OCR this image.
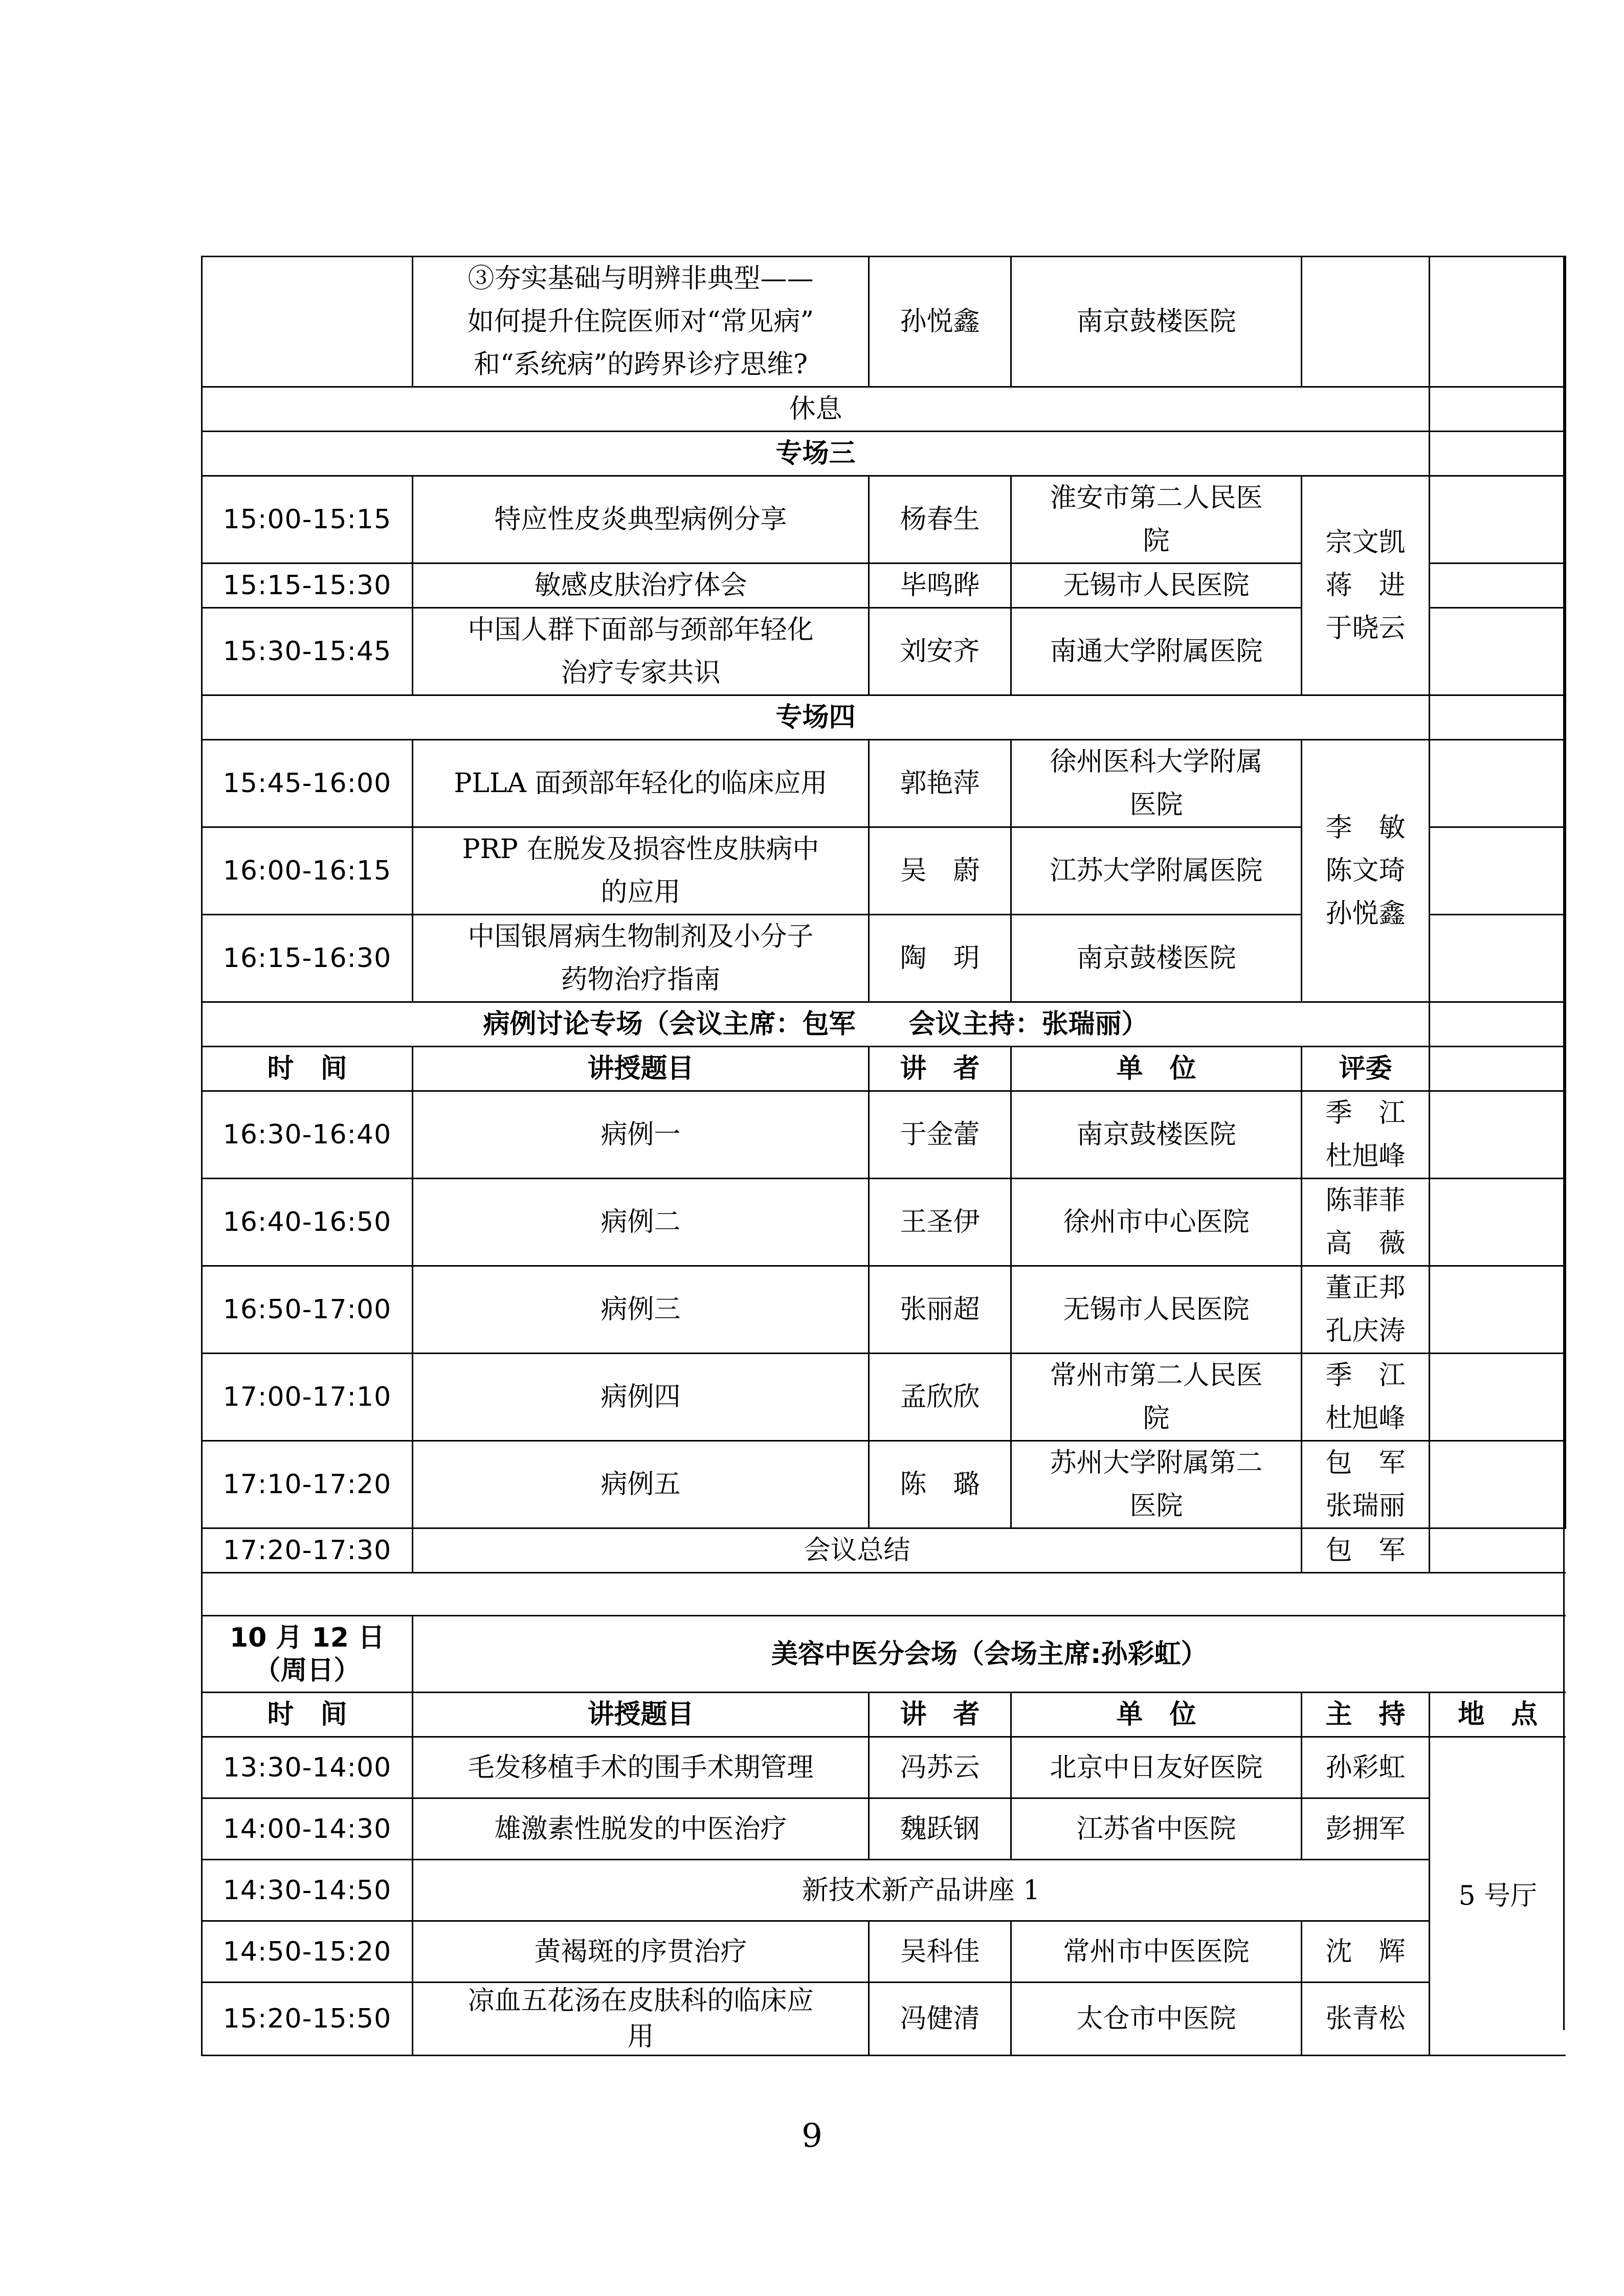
	③夯实基础与明辨非典型——
如何提升住院医师对“常见病”
和“系统病”的跨界诊疗思维?	孙悦鑫	南京鼓楼医院		
休息					
专场三					
15:00-15:15	特应性皮炎典型病例分享	杨春生	淮安市第二人民医
院	宗文凯
蒋　进
于晓云	

15:15-15:30	敏感皮肤治疗体会	毕鸣晔	无锡市人民医院		
15:30-15:45	中国人群下面部与颈部年轻化
治疗专家共识	刘安齐	南通大学附属医院		
专场四					
15:45-16:00	PLLA 面颈部年轻化的临床应用	郭艳萍	徐州医科大学附属
医院	李　敏
陈文琦
孙悦鑫	

16:00-16:15	PRP 在脱发及损容性皮肤病中
的应用	吴　蔚	江苏大学附属医院		
16:15-16:30	中国银屑病生物制剂及小分子
药物治疗指南	陶　玥	南京鼓楼医院		
病例讨论专场（会议主席：包军　　会议主持：张瑞丽）					
时　间	讲授题目	讲　者	单　位	评委	
16:30-16:40	病例一	于金蕾	南京鼓楼医院	季　江
杜旭峰	

16:40-16:50	病例二	王圣伊	徐州市中心医院	陈菲菲
高　薇	

16:50-17:00	病例三	张丽超	无锡市人民医院	董正邦
孔庆涛	

17:00-17:10	病例四	孟欣欣	常州市第二人民医
院	季　江
杜旭峰	

17:10-17:20	病例五	陈　璐	苏州大学附属第二
医院	包　军
张瑞丽	

17:20-17:30	会议总结			包　军	

10 月 12 日
（周日）	美容中医分会场（会场主席:孙彩虹）				
时　间	讲授题目	讲　者	单　位	主　持	地　点
13:30-14:00	毛发移植手术的围手术期管理	冯苏云	北京中日友好医院	孙彩虹	5 号厅
14:00-14:30	雄激素性脱发的中医治疗	魏跃钢	江苏省中医院	彭拥军	
14:30-14:50	新技术新产品讲座 1				
14:50-15:20	黄褐斑的序贯治疗	吴科佳	常州市中医医院	沈　辉	
15:20-15:50	凉血五花汤在皮肤科的临床应
用	冯健清	太仓市中医院	张青松	
9
